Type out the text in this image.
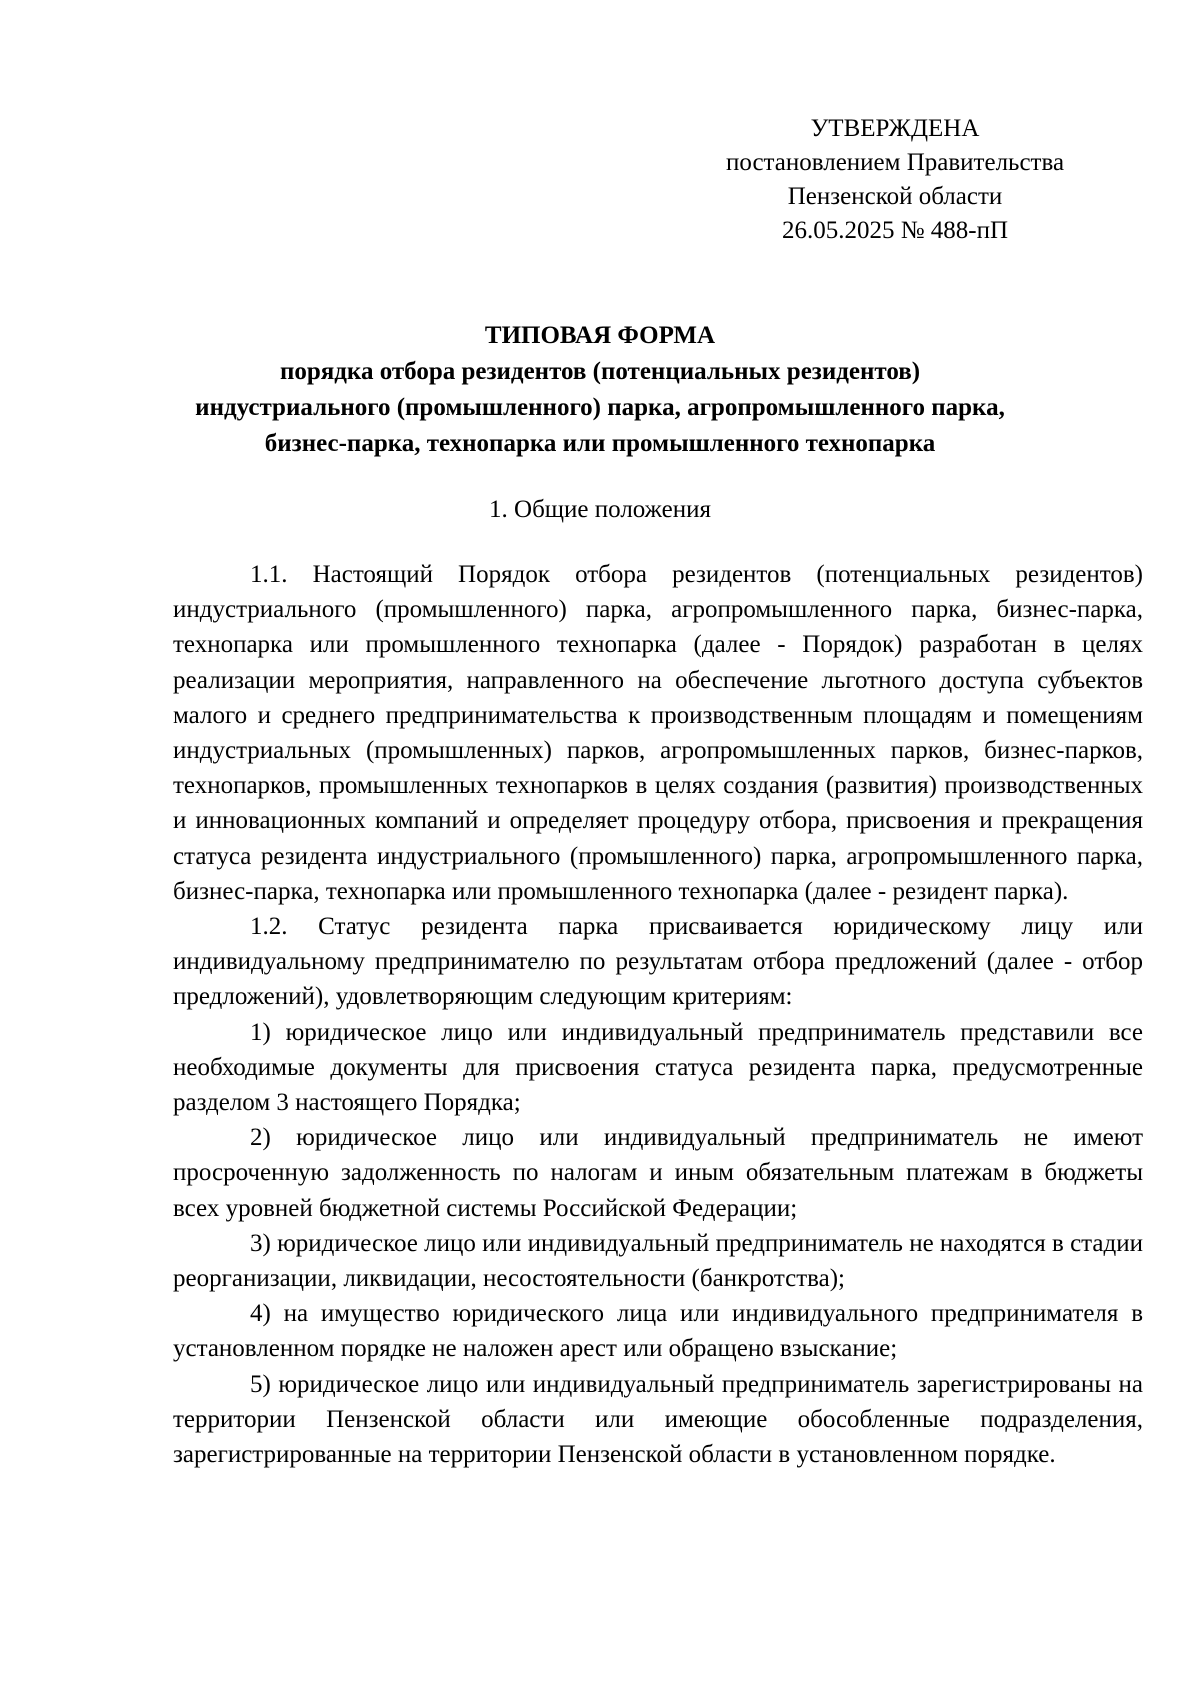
УТВЕРЖДЕНА
постановлением Правительства
Пензенской области
26.05.2025 № 488-пП
ТИПОВАЯ ФОРМА
порядка отбора резидентов (потенциальных резидентов)
индустриального (промышленного) парка, агропромышленного парка,
бизнес-парка, технопарка или промышленного технопарка
1. Общие положения

1.1. Настоящий Порядок отбора резидентов (потенциальных резидентов) индустриального (промышленного) парка, агропромышленного парка, бизнес-парка, технопарка или промышленного технопарка (далее - Порядок) разработан в целях реализации мероприятия, направленного на обеспечение льготного доступа субъектов малого и среднего предпринимательства к производственным площадям и помещениям индустриальных (промышленных) парков, агропромышленных парков, бизнес-парков, технопарков, промышленных технопарков в целях создания (развития) производственных и инновационных компаний и определяет процедуру отбора, присвоения и прекращения статуса резидента индустриального (промышленного) парка, агропромышленного парка, бизнес-парка, технопарка или промышленного технопарка (далее - резидент парка).

1.2. Статус резидента парка присваивается юридическому лицу или индивидуальному предпринимателю по результатам отбора предложений (далее - отбор предложений), удовлетворяющим следующим критериям:

1) юридическое лицо или индивидуальный предприниматель представили все необходимые документы для присвоения статуса резидента парка, предусмотренные разделом 3 настоящего Порядка;

2) юридическое лицо или индивидуальный предприниматель не имеют просроченную задолженность по налогам и иным обязательным платежам в бюджеты всех уровней бюджетной системы Российской Федерации;

3) юридическое лицо или индивидуальный предприниматель не находятся в стадии реорганизации, ликвидации, несостоятельности (банкротства);

4) на имущество юридического лица или индивидуального предпринимателя в установленном порядке не наложен арест или обращено взыскание;

5) юридическое лицо или индивидуальный предприниматель зарегистрированы на территории Пензенской области или имеющие обособленные подразделения, зарегистрированные на территории Пензенской области в установленном порядке.
